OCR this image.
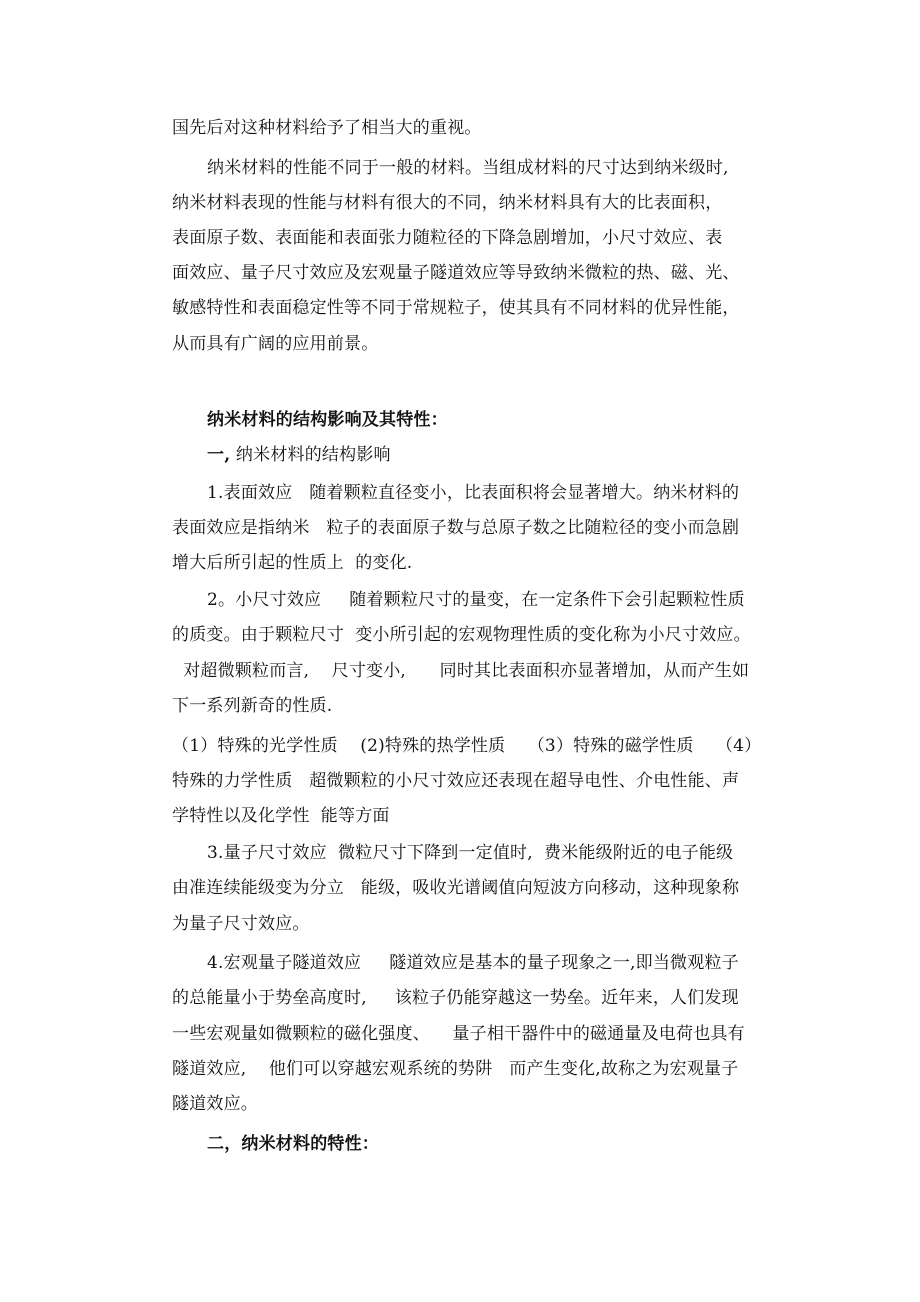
国先后对这种材料给予了相当大的重视。
纳米材料的性能不同于一般的材料。当组成材料的尺寸达到纳米级时,
纳米材料表现的性能与材料有很大的不同，纳米材料具有大的比表面积，
表面原子数、表面能和表面张力随粒径的下降急剧增加，小尺寸效应、表
面效应、量子尺寸效应及宏观量子隧道效应等导致纳米微粒的热、磁、光、
敏感特性和表面稳定性等不同于常规粒子，使其具有不同材料的优异性能，
从而具有广阔的应用前景。
纳米材料的结构影响及其特性：
一, 纳米材料的结构影响
1.表面效应   随着颗粒直径变小，比表面积将会显著增大。纳米材料的
表面效应是指纳米   粒子的表面原子数与总原子数之比随粒径的变小而急剧
增大后所引起的性质上  的变化.
2。小尺寸效应     随着颗粒尺寸的量变，在一定条件下会引起颗粒性质
的质变。由于颗粒尺寸  变小所引起的宏观物理性质的变化称为小尺寸效应。
对超微颗粒而言,    尺寸变小,      同时其比表面积亦显著增加，从而产生如
下一系列新奇的性质.
（1）特殊的光学性质    (2)特殊的热学性质    （3）特殊的磁学性质    （4）
特殊的力学性质   超微颗粒的小尺寸效应还表现在超导电性、介电性能、声
学特性以及化学性  能等方面
3.量子尺寸效应  微粒尺寸下降到一定值时,  费米能级附近的电子能级
由准连续能级变为分立   能级，吸收光谱阈值向短波方向移动，这种现象称
为量子尺寸效应。
4.宏观量子隧道效应     隧道效应是基本的量子现象之一,即当微观粒子
的总能量小于势垒高度时,     该粒子仍能穿越这一势垒。近年来，人们发现
一些宏观量如微颗粒的磁化强度、    量子相干器件中的磁通量及电荷也具有
隧道效应,    他们可以穿越宏观系统的势阱   而产生变化,故称之为宏观量子
隧道效应。
二，纳米材料的特性：
